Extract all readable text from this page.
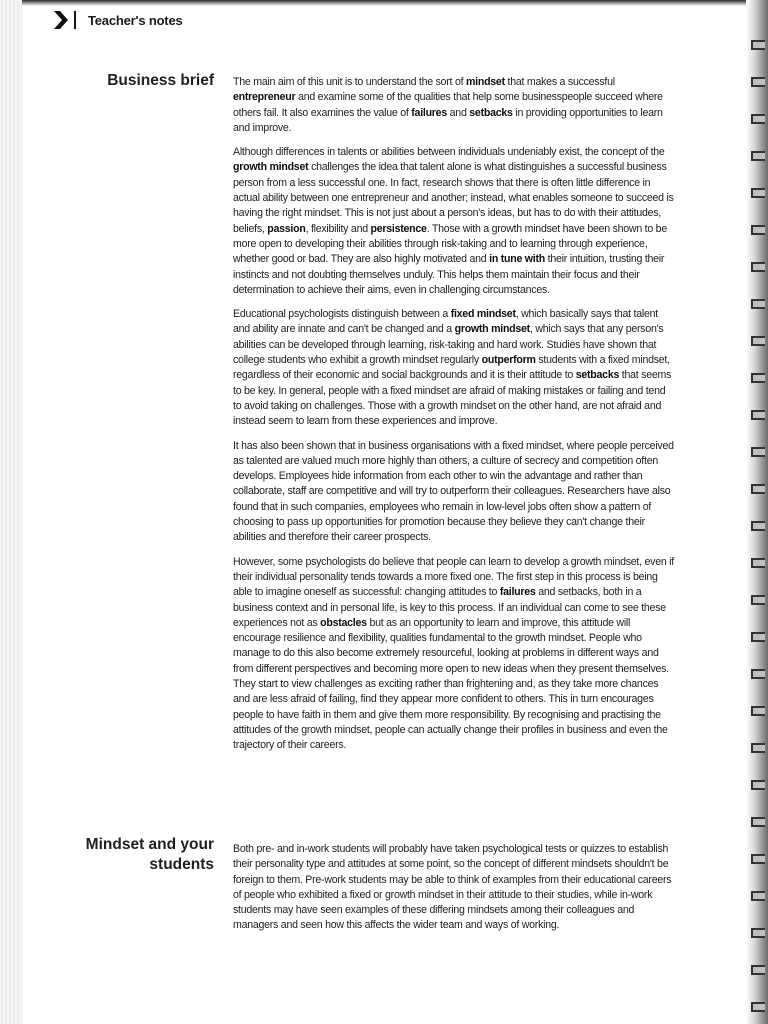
Teacher's notes
Business brief The main aim of this unit is to understand the sort of mindset that makes a successful entrepreneur and examine some of the qualities that help some businesspeople succeed where others fail. It also examines the value of failures and setbacks in providing opportunities to learn and improve.

Although differences in talents or abilities between individuals undeniably exist, the concept of the growth mindset challenges the idea that talent alone is what distinguishes a successful business person from a less successful one. In fact, research shows that there is often little difference in actual ability between one entrepreneur and another; instead, what enables someone to succeed is having the right mindset. This is not just about a person's ideas, but has to do with their attitudes, beliefs, passion, flexibility and persistence. Those with a growth mindset have been shown to be more open to developing their abilities through risk-taking and to learning through experience, whether good or bad. They are also highly motivated and in tune with their intuition, trusting their instincts and not doubting themselves unduly. This helps them maintain their focus and their determination to achieve their aims, even in challenging circumstances.

Educational psychologists distinguish between a fixed mindset, which basically says that talent and ability are innate and can't be changed and a growth mindset, which says that any person's abilities can be developed through learning, risk-taking and hard work. Studies have shown that college students who exhibit a growth mindset regularly outperform students with a fixed mindset, regardless of their economic and social backgrounds and it is their attitude to setbacks that seems to be key. In general, people with a fixed mindset are afraid of making mistakes or failing and tend to avoid taking on challenges. Those with a growth mindset on the other hand, are not afraid and instead seem to learn from these experiences and improve.

It has also been shown that in business organisations with a fixed mindset, where people perceived as talented are valued much more highly than others, a culture of secrecy and competition often develops. Employees hide information from each other to win the advantage and rather than collaborate, staff are competitive and will try to outperform their colleagues. Researchers have also found that in such companies, employees who remain in low-level jobs often show a pattern of choosing to pass up opportunities for promotion because they believe they can't change their abilities and therefore their career prospects.

However, some psychologists do believe that people can learn to develop a growth mindset, even if their individual personality tends towards a more fixed one. The first step in this process is being able to imagine oneself as successful: changing attitudes to failures and setbacks, both in a business context and in personal life, is key to this process. If an individual can come to see these experiences not as obstacles but as an opportunity to learn and improve, this attitude will encourage resilience and flexibility, qualities fundamental to the growth mindset. People who manage to do this also become extremely resourceful, looking at problems in different ways and from different perspectives and becoming more open to new ideas when they present themselves. They start to view challenges as exciting rather than frightening and, as they take more chances and are less afraid of failing, find they appear more confident to others. This in turn encourages people to have faith in them and give them more responsibility. By recognising and practising the attitudes of the growth mindset, people can actually change their profiles in business and even the trajectory of their careers.

Mindset and your
students

Both pre- and in-work students will probably have taken psychological tests or quizzes to establish their personality type and attitudes at some point, so the concept of different mindsets shouldn't be foreign to them. Pre-work students may be able to think of examples from their educational careers of people who exhibited a fixed or growth mindset in their attitude to their studies, while in-work students may have seen examples of these differing mindsets among their colleagues and managers and seen how this affects the wider team and ways of working.
